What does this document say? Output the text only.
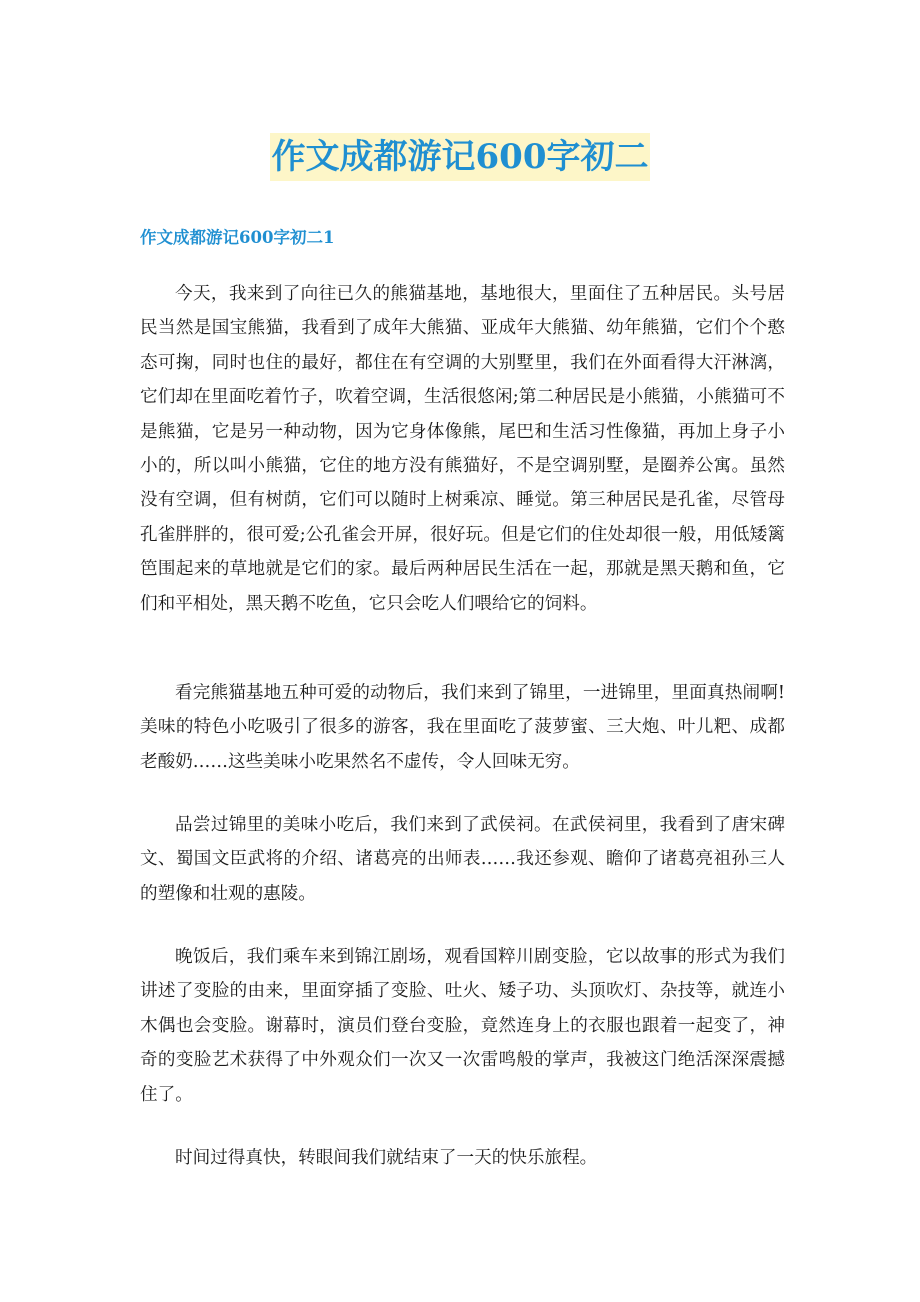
作文成都游记600字初二
作文成都游记600字初二1

今天，我来到了向往已久的熊猫基地，基地很大，里面住了五种居民。头号居民当然是国宝熊猫，我看到了成年大熊猫、亚成年大熊猫、幼年熊猫，它们个个憨态可掬，同时也住的最好，都住在有空调的大别墅里，我们在外面看得大汗淋漓，它们却在里面吃着竹子，吹着空调，生活很悠闲;第二种居民是小熊猫，小熊猫可不是熊猫，它是另一种动物，因为它身体像熊，尾巴和生活习性像猫，再加上身子小小的，所以叫小熊猫，它住的地方没有熊猫好，不是空调别墅，是圈养公寓。虽然没有空调，但有树荫，它们可以随时上树乘凉、睡觉。第三种居民是孔雀，尽管母孔雀胖胖的，很可爱;公孔雀会开屏，很好玩。但是它们的住处却很一般，用低矮篱笆围起来的草地就是它们的家。最后两种居民生活在一起，那就是黑天鹅和鱼，它们和平相处，黑天鹅不吃鱼，它只会吃人们喂给它的饲料。

看完熊猫基地五种可爱的动物后，我们来到了锦里，一进锦里，里面真热闹啊!美味的特色小吃吸引了很多的游客，我在里面吃了菠萝蜜、三大炮、叶儿粑、成都老酸奶……这些美味小吃果然名不虚传，令人回味无穷。

品尝过锦里的美味小吃后，我们来到了武侯祠。在武侯祠里，我看到了唐宋碑文、蜀国文臣武将的介绍、诸葛亮的出师表……我还参观、瞻仰了诸葛亮祖孙三人的塑像和壮观的惠陵。

晚饭后，我们乘车来到锦江剧场，观看国粹川剧变脸，它以故事的形式为我们讲述了变脸的由来，里面穿插了变脸、吐火、矮子功、头顶吹灯、杂技等，就连小木偶也会变脸。谢幕时，演员们登台变脸，竟然连身上的衣服也跟着一起变了，神奇的变脸艺术获得了中外观众们一次又一次雷鸣般的掌声，我被这门绝活深深震撼住了。

时间过得真快，转眼间我们就结束了一天的快乐旅程。
